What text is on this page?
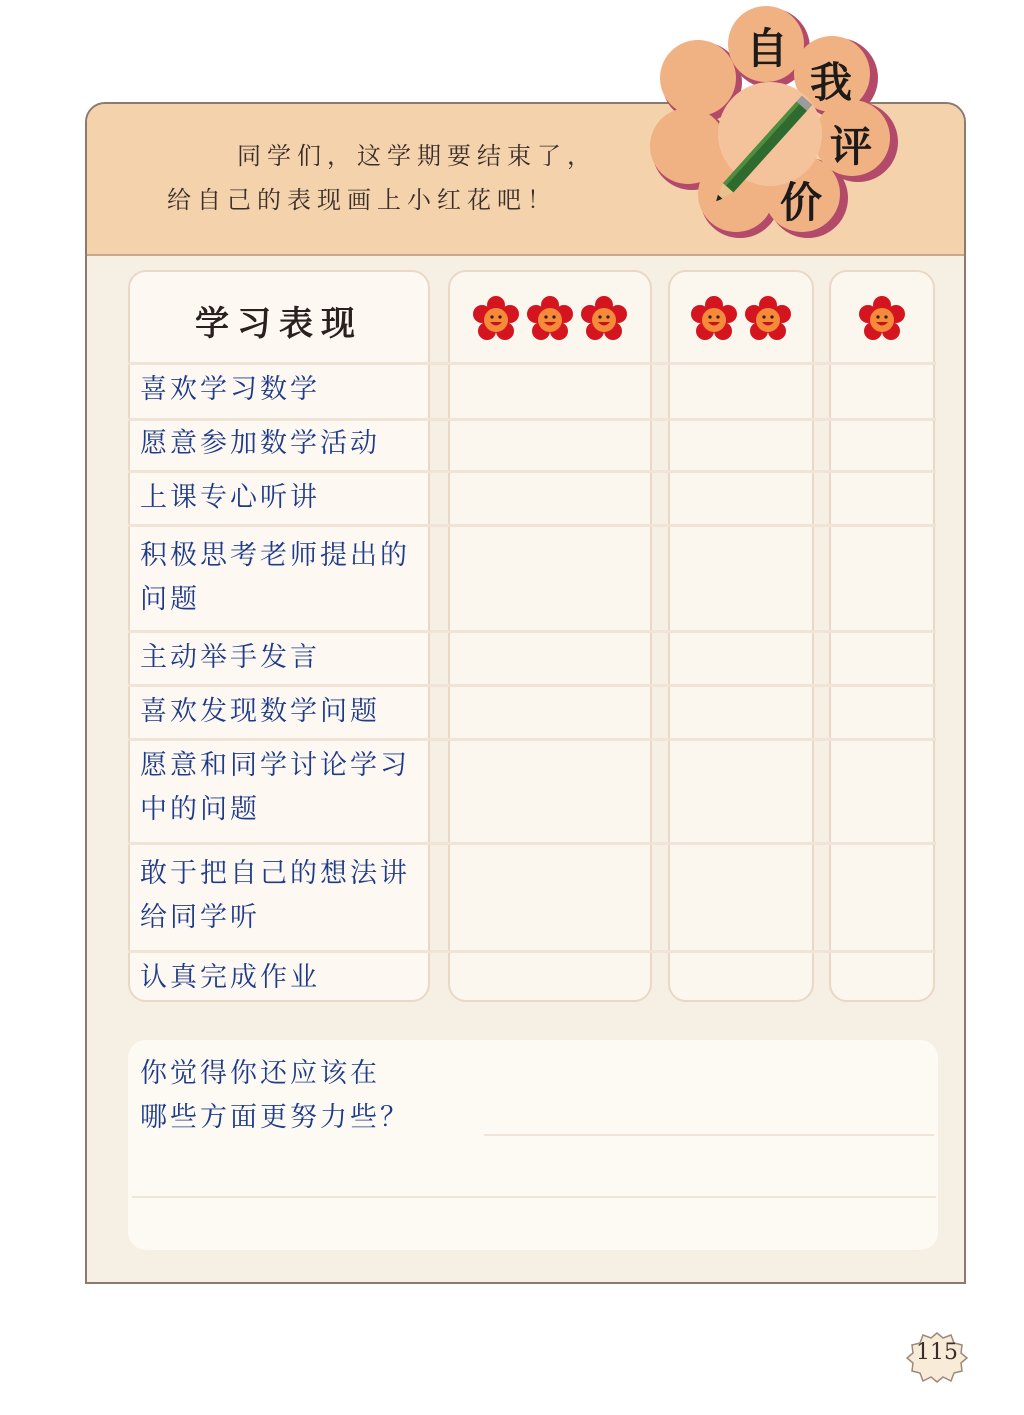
同学们，这学期要结束了，
给自己的表现画上小红花吧！
自
我
评
价
学习表现
喜欢学习数学
愿意参加数学活动
上课专心听讲
积极思考老师提出的问题
主动举手发言
喜欢发现数学问题
愿意和同学讨论学习中的问题
敢于把自己的想法讲给同学听
认真完成作业
你觉得你还应该在
哪些方面更努力些？
115
